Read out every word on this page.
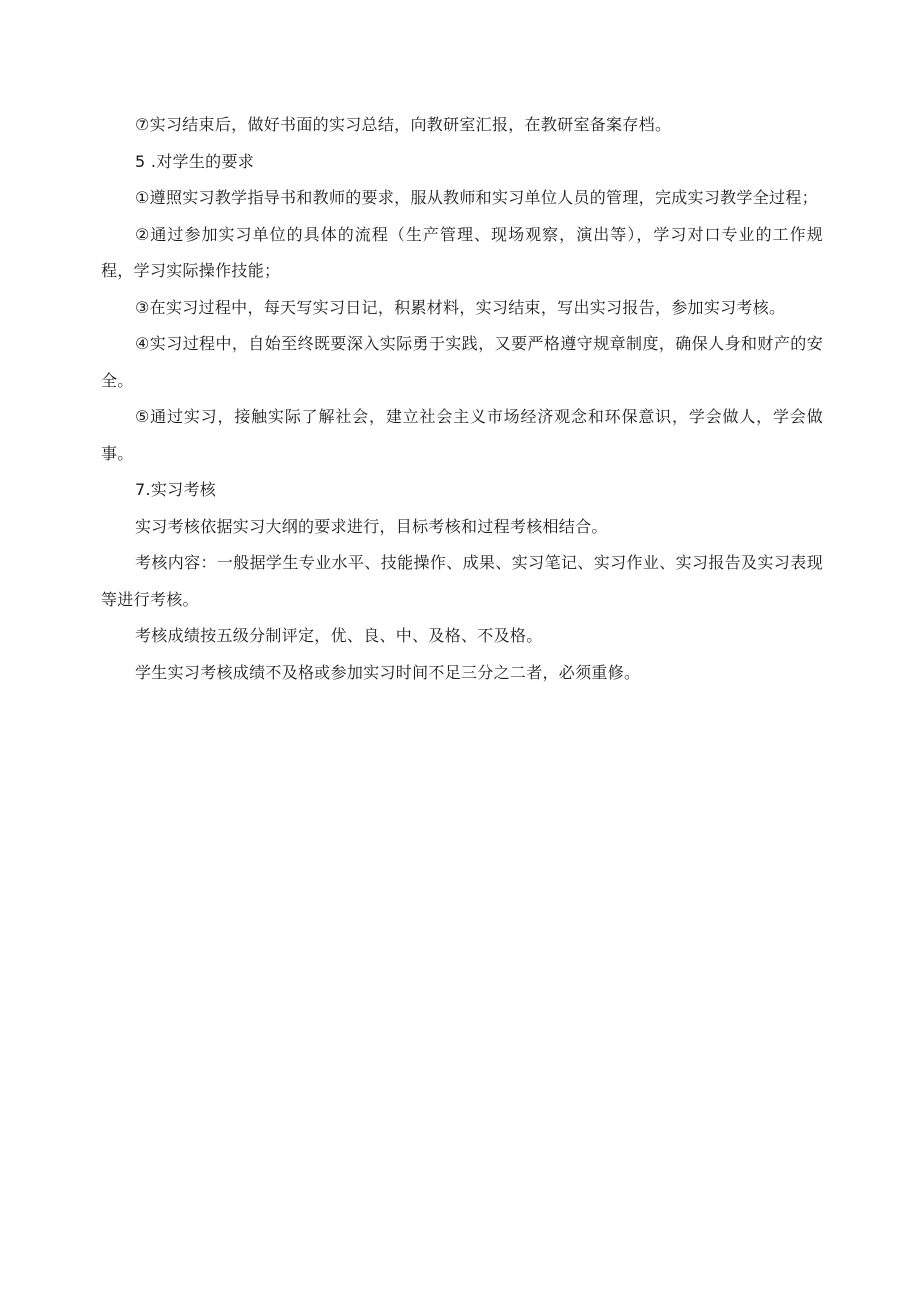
⑦实习结束后，做好书面的实习总结，向教研室汇报，在教研室备案存档。

5 .对学生的要求

①遵照实习教学指导书和教师的要求，服从教师和实习单位人员的管理，完成实习教学全过程；

②通过参加实习单位的具体的流程（生产管理、现场观察，演出等），学习对口专业的工作规程，学习实际操作技能；

③在实习过程中，每天写实习日记，积累材料，实习结束，写出实习报告，参加实习考核。

④实习过程中，自始至终既要深入实际勇于实践，又要严格遵守规章制度，确保人身和财产的安全。

⑤通过实习，接触实际了解社会，建立社会主义市场经济观念和环保意识，学会做人，学会做事。

7.实习考核

实习考核依据实习大纲的要求进行，目标考核和过程考核相结合。

考核内容：一般据学生专业水平、技能操作、成果、实习笔记、实习作业、实习报告及实习表现等进行考核。

考核成绩按五级分制评定，优、良、中、及格、不及格。

学生实习考核成绩不及格或参加实习时间不足三分之二者，必须重修。
